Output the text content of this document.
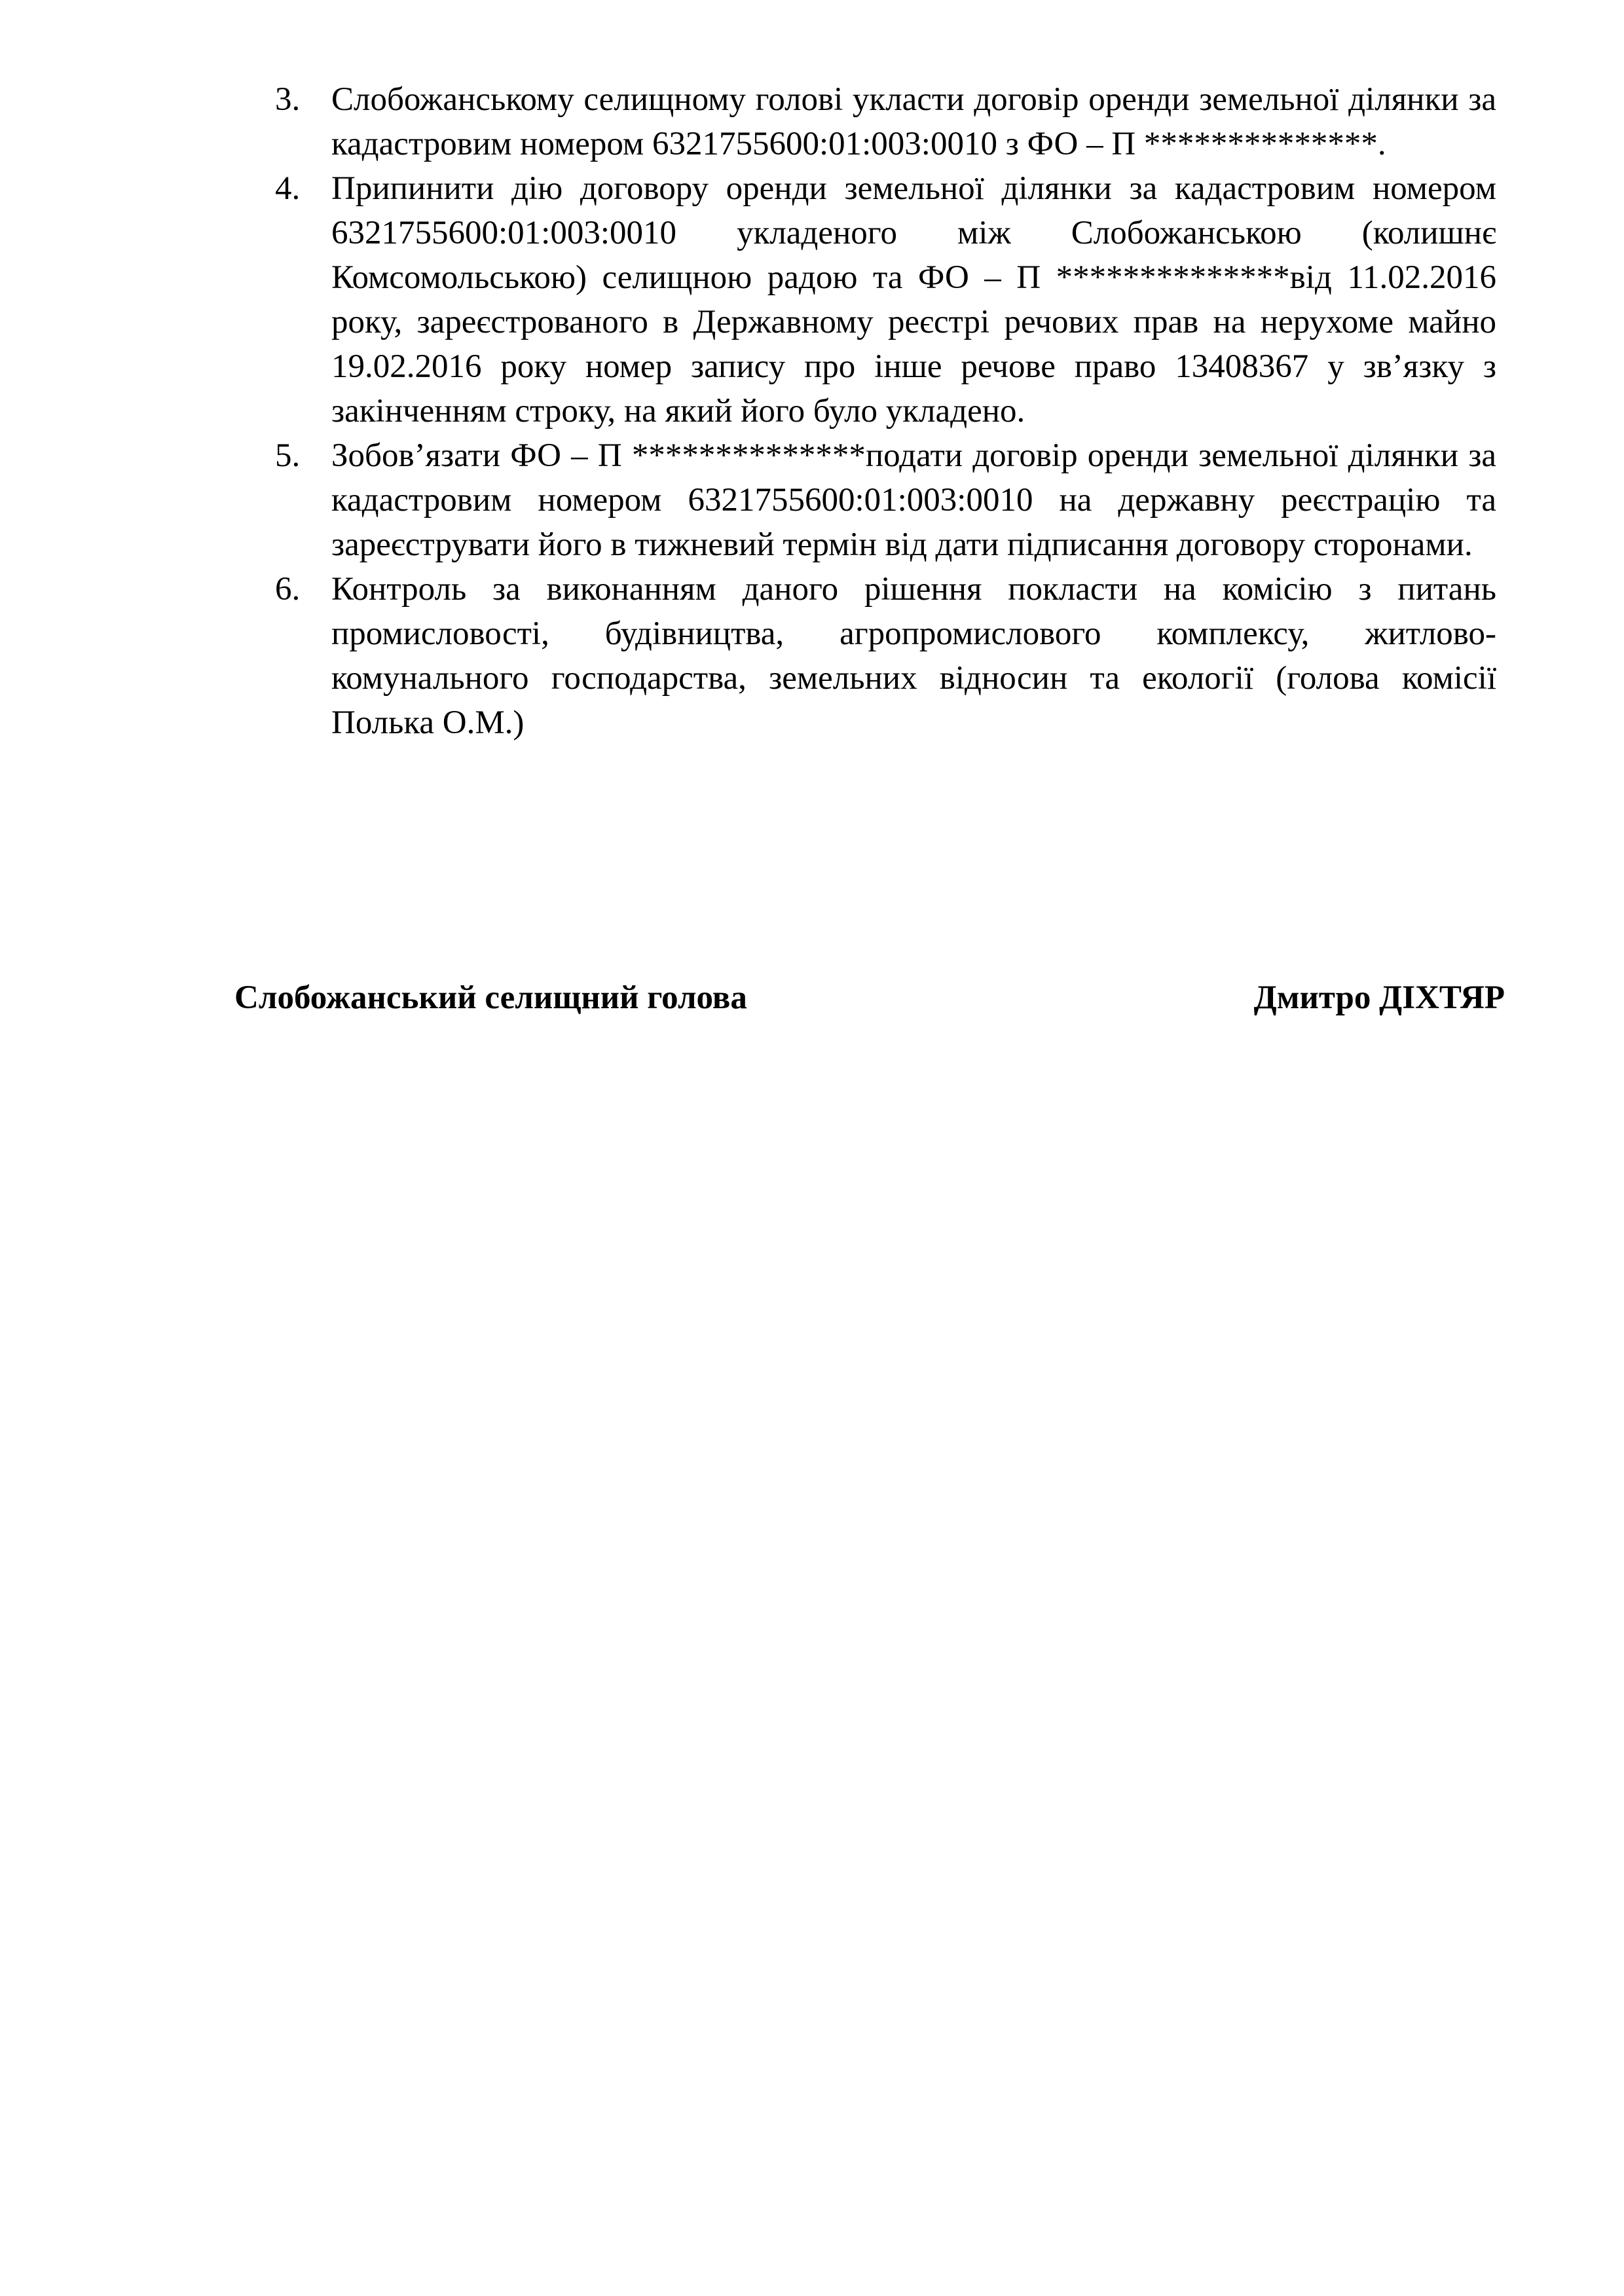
3. Слобожанському селищному голові укласти договір оренди земельної ділянки за кадастровим номером 6321755600:01:003:0010 з ФО – П **************.
4. Припинити дію договору оренди земельної ділянки за кадастровим номером 6321755600:01:003:0010 укладеного між Слобожанською (колишнє Комсомольською) селищною радою та ФО – П **************від 11.02.2016 року, зареєстрованого в Державному реєстрі речових прав на нерухоме майно 19.02.2016 року номер запису про інше речове право 13408367 у зв’язку з закінченням строку, на який його було укладено.
5. Зобов’язати ФО – П **************подати договір оренди земельної ділянки за кадастровим номером 6321755600:01:003:0010 на державну реєстрацію та зареєструвати його в тижневий термін від дати підписання договору сторонами.
6. Контроль за виконанням даного рішення покласти на комісію з питань промисловості, будівництва, агропромислового комплексу, житлово-комунального господарства, земельних відносин та екології (голова комісії Полька О.М.)
Слобожанський селищний голова	Дмитро ДІХТЯР
